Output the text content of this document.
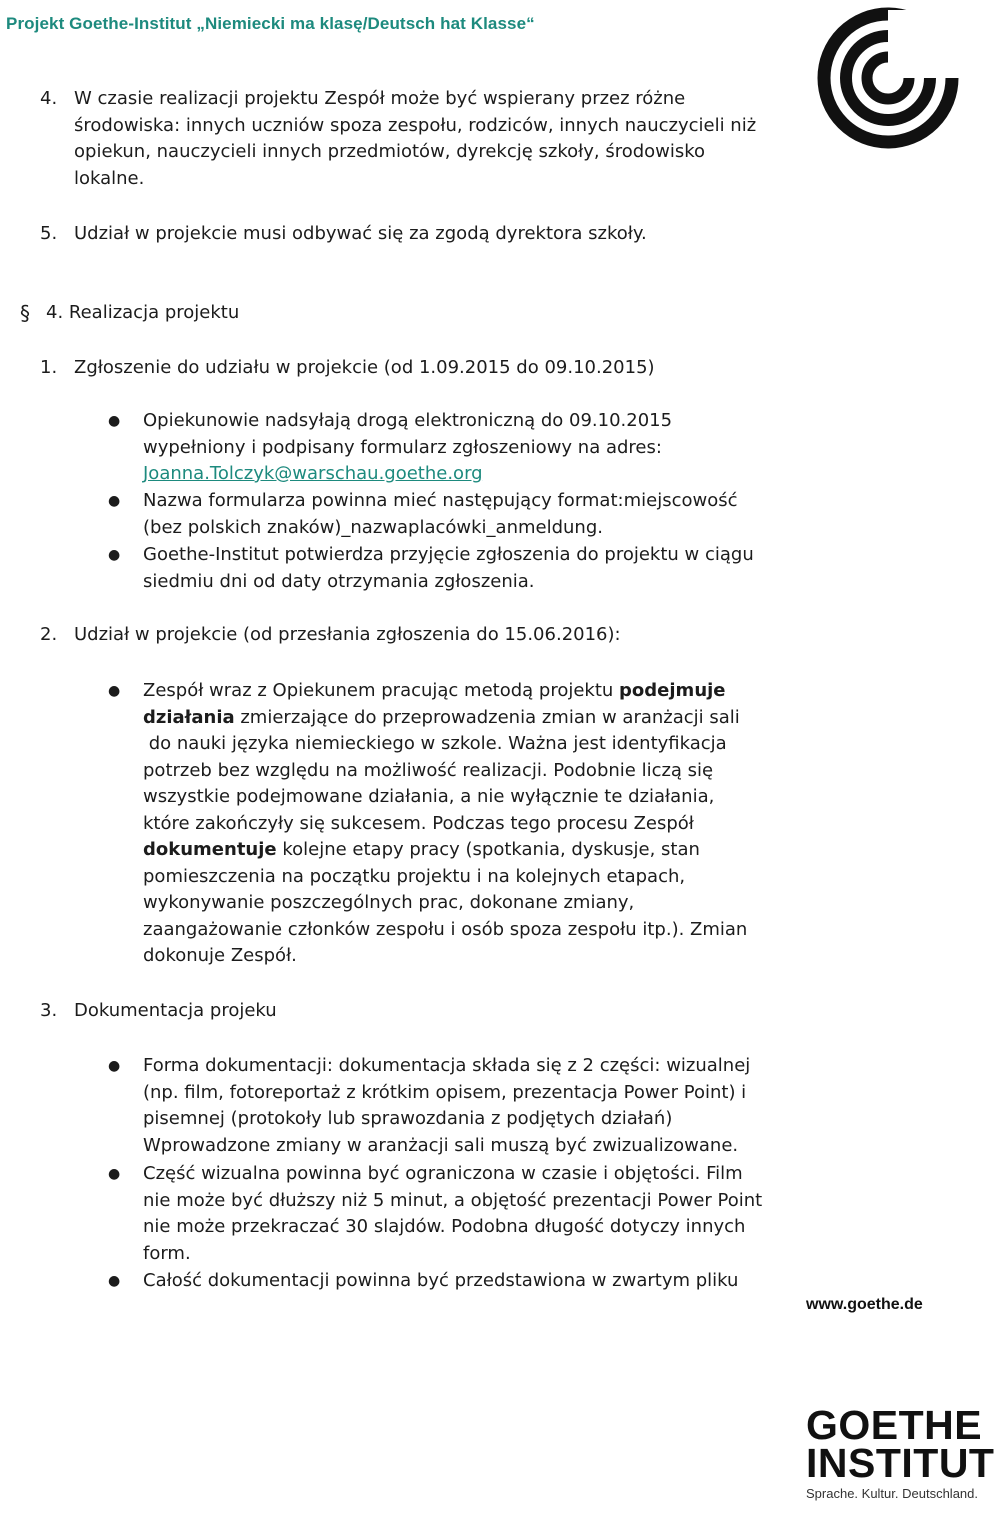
Projekt Goethe-Institut „Niemiecki ma klasę/Deutsch hat Klasse“
4. W czasie realizacji projektu Zespół może być wspierany przez różne
środowiska: innych uczniów spoza zespołu, rodziców, innych nauczycieli niż
opiekun, nauczycieli innych przedmiotów, dyrekcję szkoły, środowisko
lokalne.
5. Udział w projekcie musi odbywać się za zgodą dyrektora szkoły.
§ 4. Realizacja projektu
1. Zgłoszenie do udziału w projekcie (od 1.09.2015 do 09.10.2015)
● Opiekunowie nadsyłają drogą elektroniczną do 09.10.2015
wypełniony i podpisany formularz zgłoszeniowy na adres:
Joanna.Tolczyk@warschau.goethe.org
● Nazwa formularza powinna mieć następujący format:miejscowość
(bez polskich znaków)_nazwaplacówki_anmeldung.
● Goethe-Institut potwierdza przyjęcie zgłoszenia do projektu w ciągu
siedmiu dni od daty otrzymania zgłoszenia.
2. Udział w projekcie (od przesłania zgłoszenia do 15.06.2016):
● Zespół wraz z Opiekunem pracując metodą projektu podejmuje
działania zmierzające do przeprowadzenia zmian w aranżacji sali
do nauki języka niemieckiego w szkole. Ważna jest identyfikacja
potrzeb bez względu na możliwość realizacji. Podobnie liczą się
wszystkie podejmowane działania, a nie wyłącznie te działania,
które zakończyły się sukcesem. Podczas tego procesu Zespół
dokumentuje kolejne etapy pracy (spotkania, dyskusje, stan
pomieszczenia na początku projektu i na kolejnych etapach,
wykonywanie poszczególnych prac, dokonane zmiany,
zaangażowanie członków zespołu i osób spoza zespołu itp.). Zmian
dokonuje Zespół.
3. Dokumentacja projeku
● Forma dokumentacji: dokumentacja składa się z 2 części: wizualnej
(np. film, fotoreportaż z krótkim opisem, prezentacja Power Point) i
pisemnej (protokoły lub sprawozdania z podjętych działań)
Wprowadzone zmiany w aranżacji sali muszą być zwizualizowane.
● Część wizualna powinna być ograniczona w czasie i objętości. Film
nie może być dłuższy niż 5 minut, a objętość prezentacji Power Point
nie może przekraczać 30 slajdów. Podobna długość dotyczy innych
form.
● Całość dokumentacji powinna być przedstawiona w zwartym pliku
www.goethe.de
GOETHE
INSTITUT
Sprache. Kultur. Deutschland.
